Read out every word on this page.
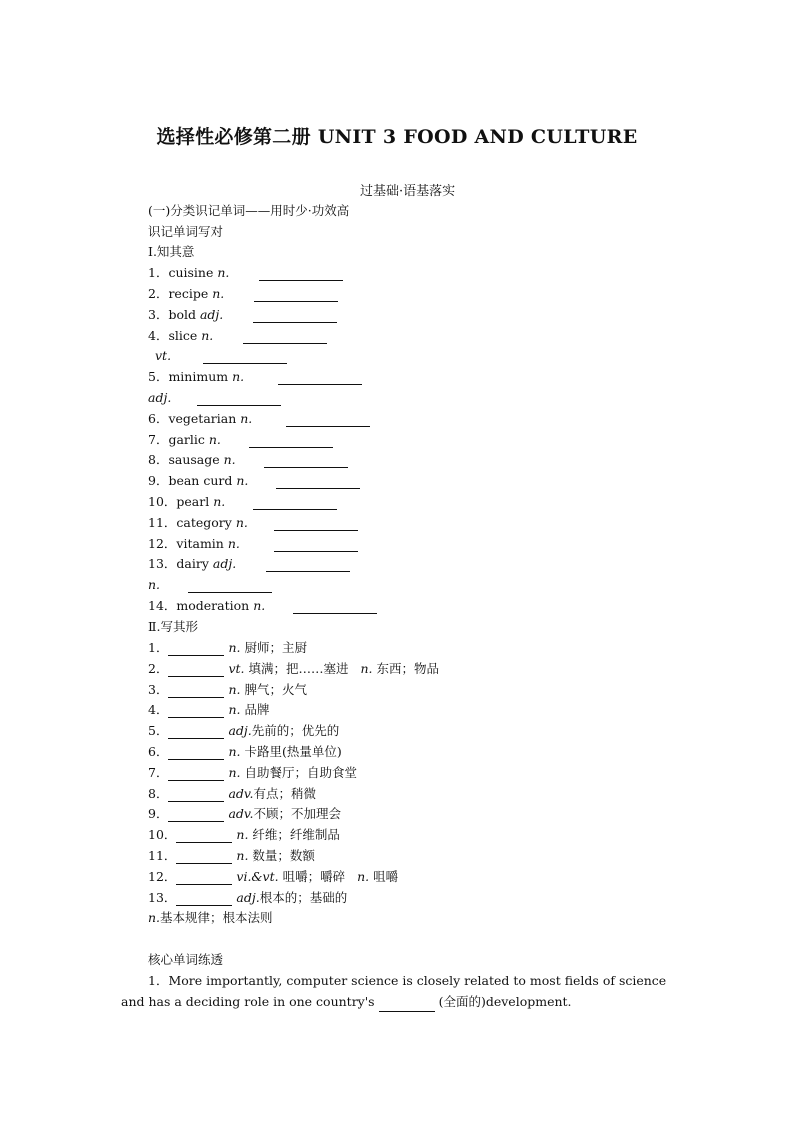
选择性必修第二册 UNIT 3 FOOD AND CULTURE
过基础·语基落实
(一)分类识记单词——用时少·功效高
识记单词写对
Ⅰ.知其意
1．cuisine n.
2．recipe n.
3．bold adj.
4．slice n.
vt.
5．minimum n.
adj.
6．vegetarian n.
7．garlic n.
8．sausage n.
9．bean curd n.
10．pearl n.
11．category n.
12．vitamin n.
13．dairy adj.
n.
14．moderation n.
Ⅱ.写其形
1．	n. 厨师；主厨
2．	vt. 填满；把……塞进 n. 东西；物品
3．	n. 脾气；火气
4．	n. 品牌
5．	adj.先前的；优先的
6．	n. 卡路里(热量单位)
7．	n. 自助餐厅；自助食堂
8．	adv.有点；稍微
9．	adv.不顾；不加理会
10．	n. 纤维；纤维制品
11．	n. 数量；数额
12．	vi.&vt. 咀嚼；嚼碎 n. 咀嚼
13．	adj.根本的；基础的
n.基本规律；根本法则
核心单词练透
1．More importantly, computer science is closely related to most fields of science and has a deciding role in one country's	(全面的)development.
